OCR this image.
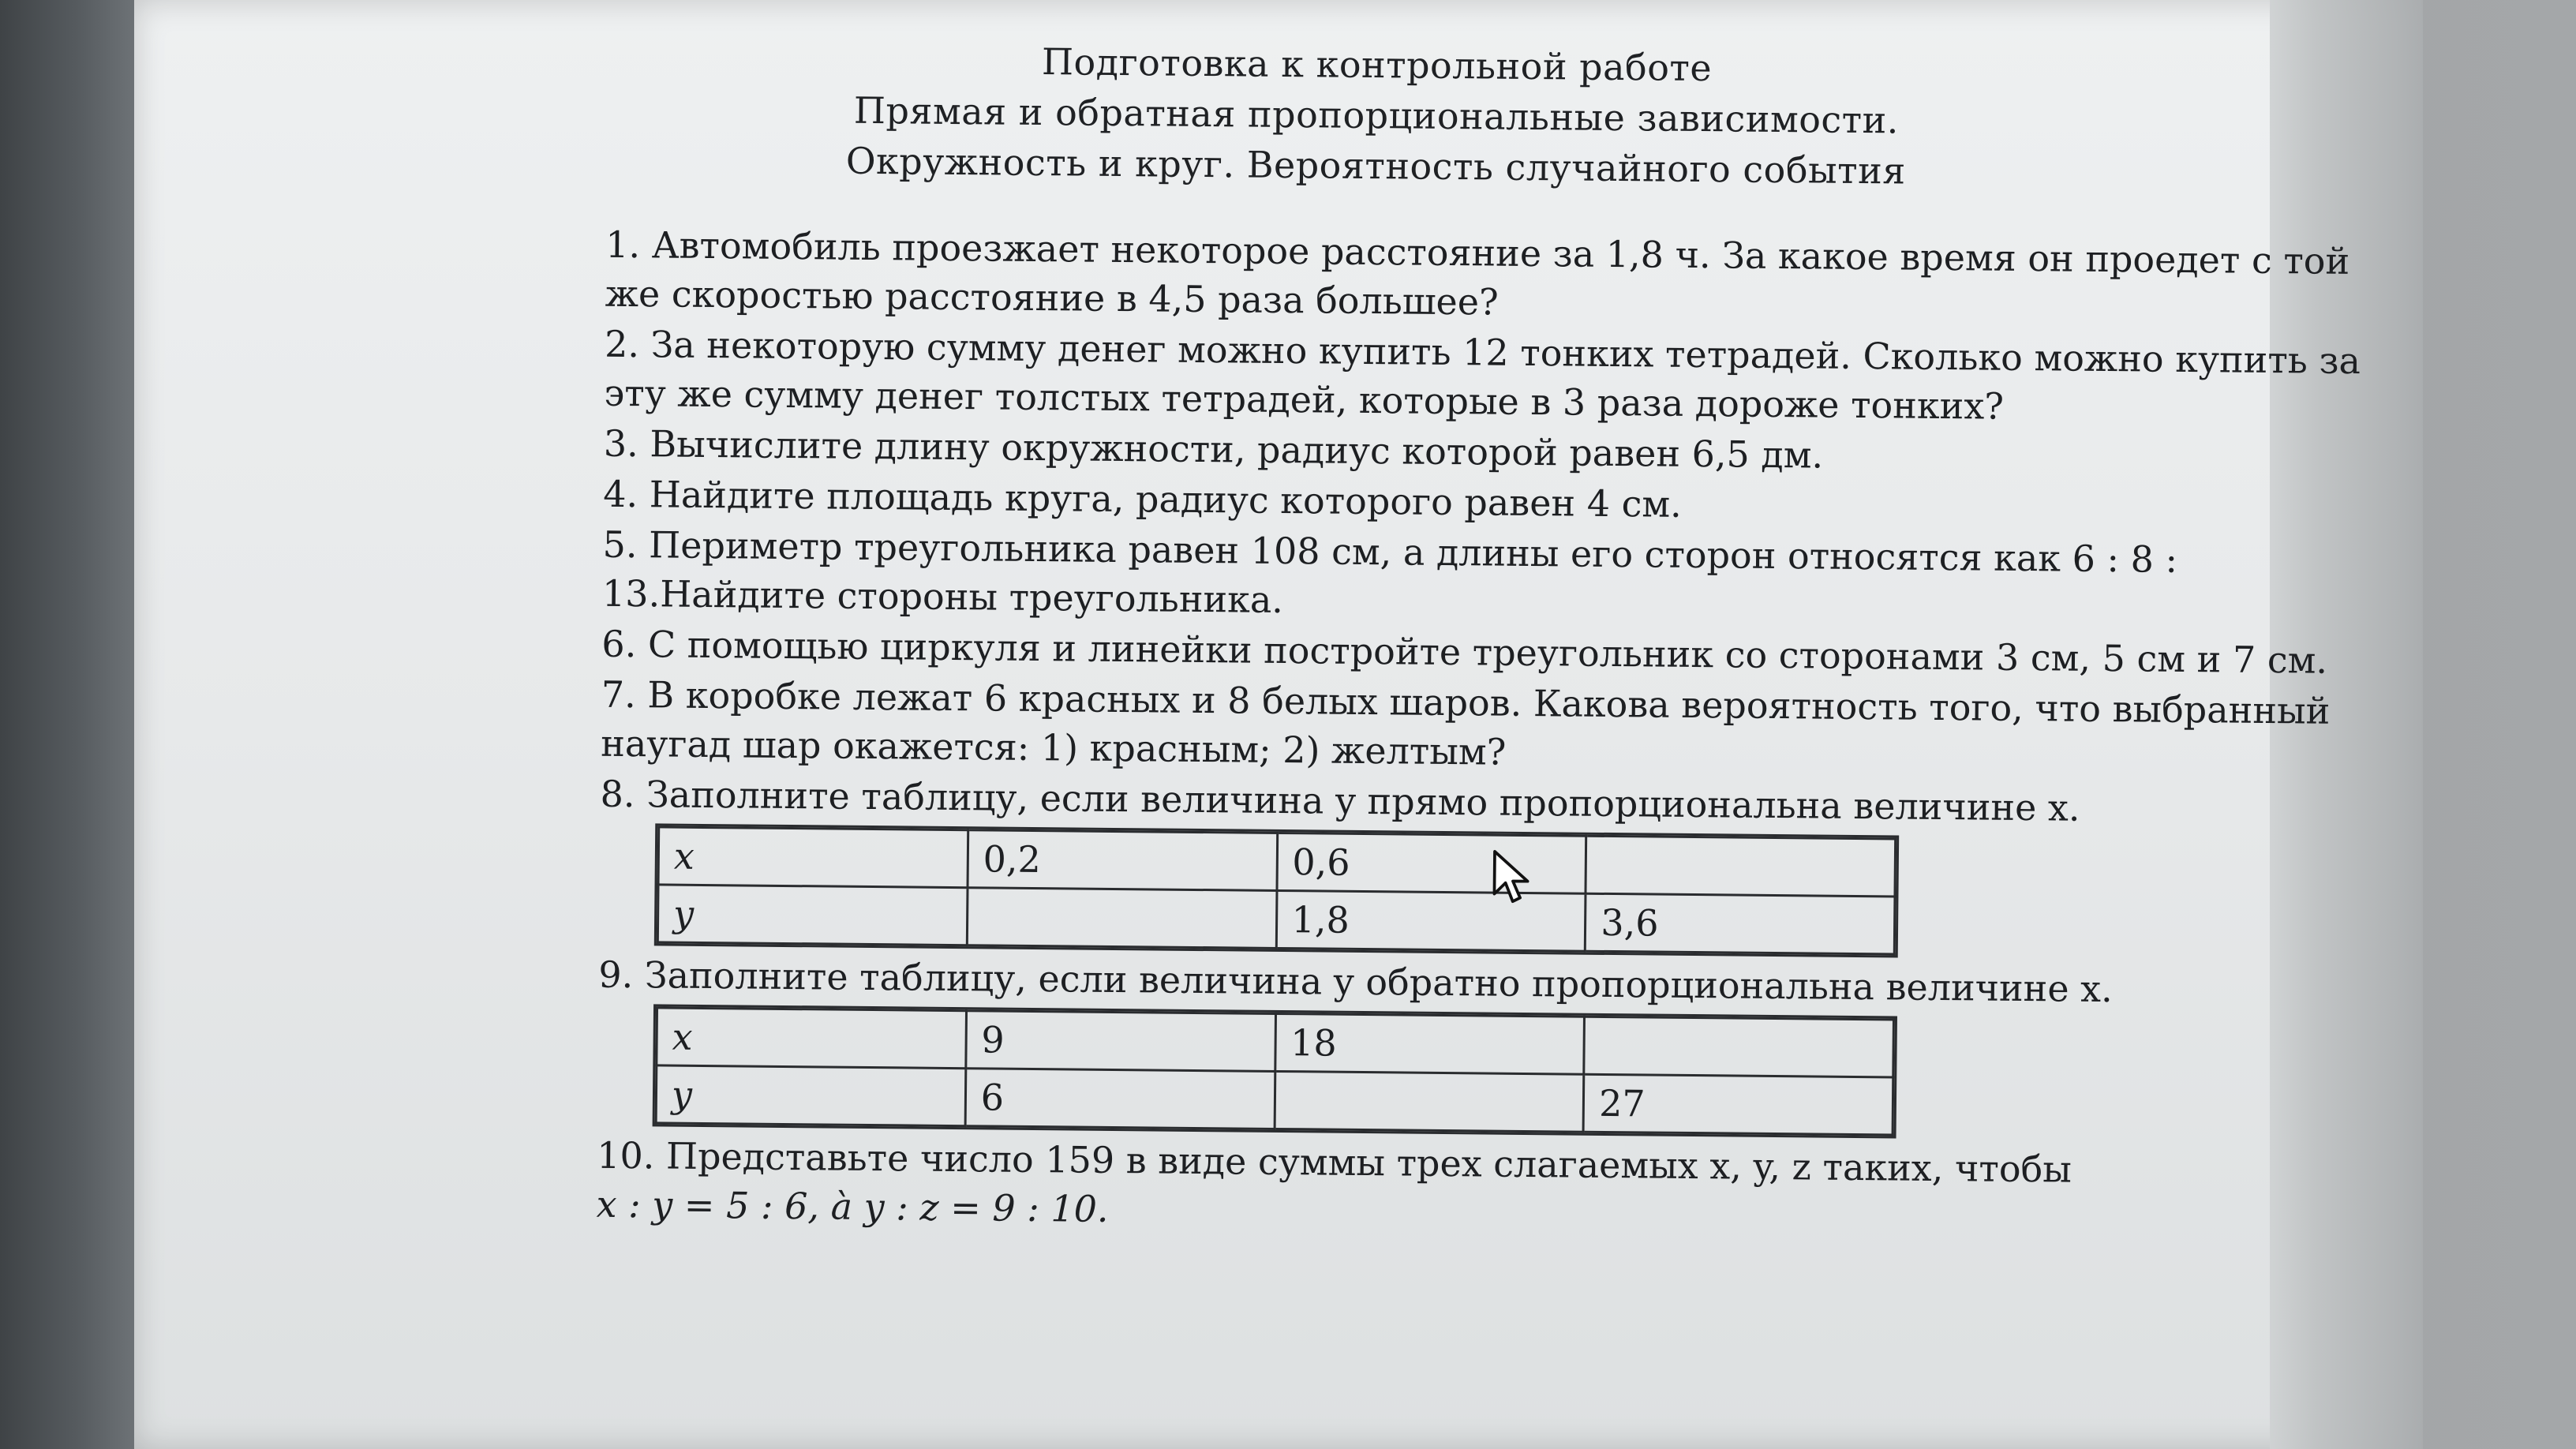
Подготовка к контрольной работе
Прямая и обратная пропорциональные зависимости.
Окружность и круг. Вероятность случайного события
1. Автомобиль проезжает некоторое расстояние за 1,8 ч. За какое время он проедет с той же скоростью расстояние в 4,5 раза большее?
2. За некоторую сумму денег можно купить 12 тонких тетрадей. Сколько можно купить за эту же сумму денег толстых тетрадей, которые в 3 раза дороже тонких?
3. Вычислите длину окружности, радиус которой равен 6,5 дм.
4. Найдите площадь круга, радиус которого равен 4 см.
5. Периметр треугольника равен 108 см, а длины его сторон относятся как 6 : 8 : 13.Найдите стороны треугольника.
6. С помощью циркуля и линейки постройте треугольник со сторонами 3 см, 5 см и 7 см.
7. В коробке лежат 6 красных и 8 белых шаров. Какова вероятность того, что выбранный наугад шар окажется: 1) красным; 2) желтым?
8. Заполните таблицу, если величина y прямо пропорциональна величине x.
x	0,2	0,6	
y		1,8	3,6
9. Заполните таблицу, если величина y обратно пропорциональна величине x.
x	9	18	
y	6		27
10. Представьте число 159 в виде суммы трех слагаемых x, y, z таких, чтобы
x : y = 5 : 6, à y : z = 9 : 10.
